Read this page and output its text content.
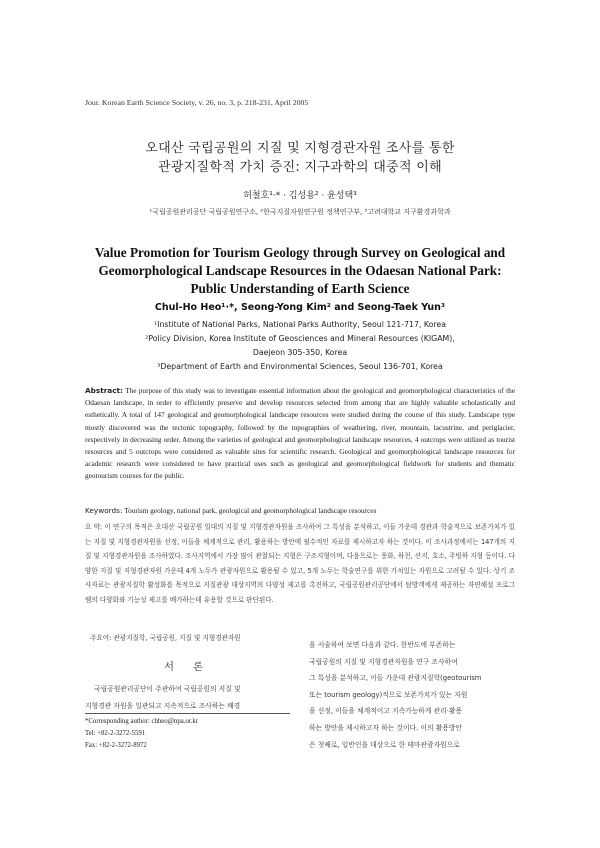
Jour. Korean Earth Science Society, v. 26, no. 3, p. 218-231, April 2005
오대산 국립공원의 지질 및 지형경관자원 조사를 통한
관광지질학적 가치 증진: 지구과학의 대중적 이해
허철호¹·* · 김성용² · 윤성택³
¹국립공원관리공단 국립공원연구소, ²한국지질자원연구원 정책연구부, ³고려대학교 지구환경과학과
Value Promotion for Tourism Geology through Survey on Geological and
Geomorphological Landscape Resources in the Odaesan National Park:
Public Understanding of Earth Science
Chul-Ho Heo¹·*, Seong-Yong Kim² and Seong-Taek Yun³
¹Institute of National Parks, National Parks Authority, Seoul 121-717, Korea
²Policy Division, Korea Institute of Geosciences and Mineral Resources (KIGAM),
Daejeon 305-350, Korea
³Department of Earth and Environmental Sciences, Seoul 136-701, Korea
Abstract: The purpose of this study was to investigate essential information about the geological and geomorphological characteristics of the Odaesan landscape, in order to efficiently preserve and develop resources selected from among that are highly valuable scholastically and esthetically. A total of 147 geological and geomorphological landscape resources were studied during the course of this study. Landscape type mostly discovered was the tectonic topography, followed by the topographies of weathering, river, mountain, lacustrine, and periglacier, respectively in decreasing order. Among the varieties of geological and geomorphological landscape resources, 4 outcrops were utilized as tourist resources and 5 outcrops were considered as valuable sites for scientific research. Geological and geomorphological landscape resources for academic research were considered to have practical uses such as geological and geomorphological fieldwork for students and thematic geotourism courses for the public.
Keywords: Tourism geology, national park, geological and geomorphological landscape resources
요 약: 이 연구의 목적은 오대산 국립공원 일대의 지질 및 지형경관자원을 조사하여 그 특성을 분석하고, 이들 가운데 경관과 학술적으로 보존가치가 있는 지질 및 지형경관자원을 선정, 이들을 체계적으로 관리, 활용하는 방안에 필수적인 자료를 제시하고자 하는 것이다. 이 조사과정에서는 147개의 지질 및 지형경관자원을 조사하였다. 조사지역에서 가장 많이 관찰되는 지형은 구조지형이며, 다음으로는 풍화, 하천, 산지, 호소, 주빙하 지형 등이다. 다양한 지질 및 지형경관자원 가운데 4개 노두가 관광자원으로 활용될 수 있고, 5개 노두는 학술연구를 위한 가치있는 자원으로 고려될 수 있다. 상기 조사자료는 관광지질학 활성화를 목적으로 지질관광 대상지역의 다양성 제고를 촉진하고, 국립공원관리공단에서 탐방객에게 제공하는 자연해설 프로그램의 다양화와 기능성 제고를 배가하는데 유용할 것으로 판단된다.
주요어: 관광지질학, 국립공원, 지질 및 지형경관자원
서 론
국립공원관리공단이 주관하여 국립공원의 지질 및
지형경관 자원을 일관되고 지속적으로 조사하는 배경
*Corresponding author: chheo@npa.or.kr
Tel: +82-2-3272-5591
Fax: +82-2-3272-8972
을 서술하여 보면 다음과 같다. 한반도에 부존하는
국립공원의 지질 및 지형경관자원을 연구 조사하여
그 특성을 분석하고, 이들 가운데 관광지질학(geotourism
또는 tourism geology)적으로 보존가치가 있는 자원
을 선정, 이들을 체계적이고 지속가능하게 관리·활용
하는 방안을 제시하고자 하는 것이다. 이의 활용방안
은 첫째로, 일반인을 대상으로 한 테마관광자원으로
